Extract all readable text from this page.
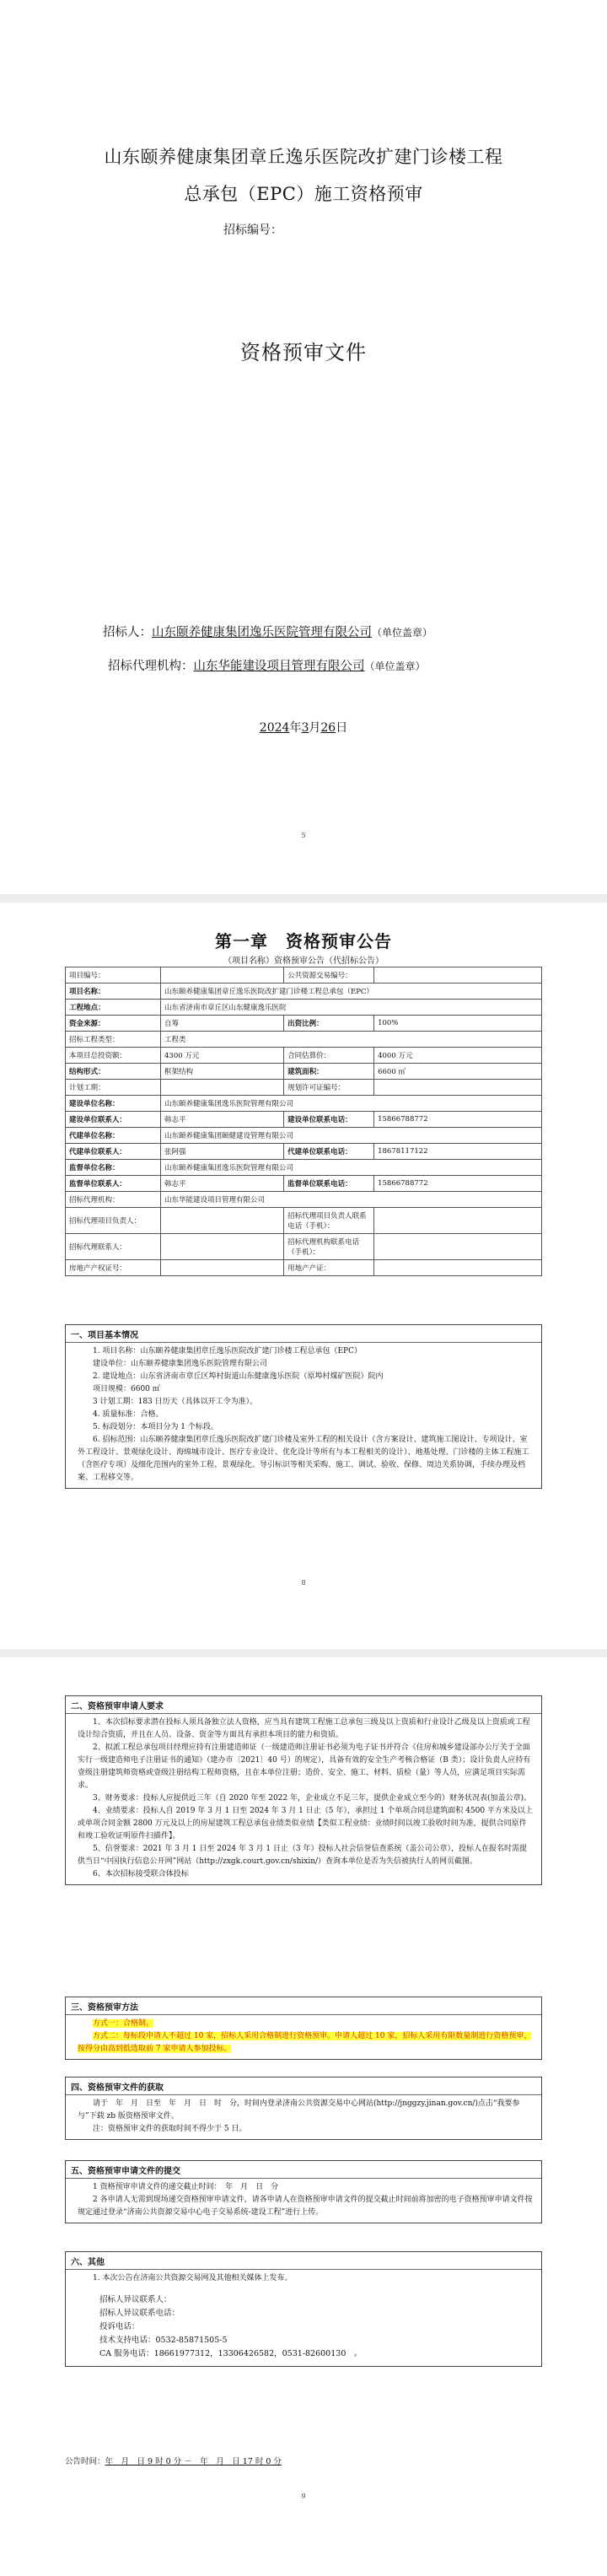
山东颐养健康集团章丘逸乐医院改扩建门诊楼工程
总承包（EPC）施工资格预审
招标编号：
资格预审文件
招标人：山东颐养健康集团逸乐医院管理有限公司（单位盖章）
招标代理机构：山东华能建设项目管理有限公司（单位盖章）
2024年3月26日
5
第一章　资格预审公告
（项目名称）资格预审公告（代招标公告）
项目编号：		公共资源交易编号：	
项目名称：	山东颐养健康集团章丘逸乐医院改扩建门诊楼工程总承包（EPC）		
工程地点：	山东省济南市章丘区山东健康逸乐医院		
资金来源：	自筹	出资比例：	100%
招标工程类型：	工程类		
本项目总投资额：	4300 万元	合同估算价：	4000 万元
结构形式：	框架结构	建筑面积：	6600 ㎡
计划工期：		规划许可证编号：	
建设单位名称：	山东颐养健康集团逸乐医院管理有限公司		
建设单位联系人：	韩志平	建设单位联系电话：	15866788772
代建单位名称：	山东颐养健康集团颐健建设管理有限公司		
代建单位联系人：	张阿强	代建单位联系电话：	18678117122
监督单位名称：	山东颐养健康集团逸乐医院管理有限公司		
监督单位联系人：	韩志平	监督单位联系电话：	15866788772
招标代理机构：	山东华能建设项目管理有限公司		
招标代理项目负责人：		招标代理项目负责人联系电话（手机）：	
招标代理联系人：		招标代理机构联系电话（手机）：	
房地产产权证号：		用地产产证：	
一、项目基本情况

1. 项目名称：山东颐养健康集团章丘逸乐医院改扩建门诊楼工程总承包（EPC）

建设单位：山东颐养健康集团逸乐医院管理有限公司

2. 建设地点：山东省济南市章丘区埠村街道山东健康逸乐医院（原埠村煤矿医院）院内

项目规模：6600 ㎡

3 计划工期：183 日历天（具体以开工令为准）。

4. 质量标准：合格。

5. 标段划分：本项目分为 1 个标段。

6. 招标范围：山东颐养健康集团章丘逸乐医院改扩建门诊楼及室外工程的相关设计（含方案设计、建筑施工图设计、专项设计、室外工程设计、景观绿化设计、海绵城市设计、医疗专业设计、优化设计等所有与本工程相关的设计）、地基处理、门诊楼的主体工程施工（含医疗专项）及细化范围内的室外工程、景观绿化、导引标识等相关采购、施工、调试、验收、保修、周边关系协调，手续办理及档案、工程移交等。

8
二、资格预审申请人要求

1、本次招标要求潜在投标人须具备独立法人资格，应当具有建筑工程施工总承包三级及以上资质和行业设计乙级及以上资质或工程设计综合资质，并且在人员、设备、资金等方面具有承担本项目的能力和资质。

2、拟派工程总承包项目经理应持有注册建造师证（一级建造师注册证书必须为电子证书并符合《住房和城乡建设部办公厅关于全面实行一级建造师电子注册证书的通知》（建办市〔2021〕40 号）的规定），具备有效的安全生产考核合格证（B 类）；设计负责人应持有壹级注册建筑师资格或壹级注册结构工程师资格，且在本单位注册；造价、安全、施工、材料、质检（量）等人员，应满足项目实际需求。

3、财务要求：投标人应提供近三年（自 2020 年至 2022 年，企业成立不足三年，提供企业成立至今的）财务状况表(加盖公章)。

4、业绩要求：投标人自 2019 年 3 月 1 日至 2024 年 3 月 1 日止（5 年），承担过 1 个单项合同总建筑面积 4500 平方米及以上或单项合同金额 2800 万元及以上的房屋建筑工程总承包业绩类似业绩【类似工程业绩：业绩时间以竣工验收时间为准，提供合同原件和竣工验收证明原件扫描件】。

5、信誉要求：2021 年 3 月 1 日至 2024 年 3 月 1 日止（3 年）投标人社会信誉信查系统（盖公司公章），投标人在报名时需提供当日“中国执行信息公开网”网站（http://zxgk.court.gov.cn/shixin/）查询本单位是否为失信被执行人的网页截图。

6、本次招标接受联合体投标

三、资格预审方法

方式一：合格制。

方式二：每标段申请人不超过 10 家，招标人采用合格制进行资格预审。申请人超过 10 家，招标人采用有限数量制进行资格预审，按得分由高到低选取前 7 家申请人参加投标。

四、资格预审文件的获取

请于　年　月　日至　年　月　日　时　分，时间内登录济南公共资源交易中心网站(http://jnggzy.jinan.gov.cn/)点击“我要参与”下载 zb 版资格预审文件。

注：资格预审文件的获取时间不得少于 5 日。

五、资格预审申请文件的提交

1 资格预审申请文件的递交截止时间：　年　月　日　分

2 各申请人无需到现场递交资格预审申请文件，请各申请人在资格预审申请文件的提交截止时间前将加密的电子资格预审申请文件按规定通过登录“济南公共资源交易中心电子交易系统-建设工程”进行上传。

六、其他

1. 本次公告在济南公共资源交易网及其他相关媒体上发布。

招标人异议联系人：
招标人异议联系电话：
投诉电话：
技术支持电话：0532-85871505-5
CA 服务电话：18661977312，13306426582，0531-82600130　。
公告时间：年　月　日 9 时 0 分 －　年　月　日 17 时 0 分
9
